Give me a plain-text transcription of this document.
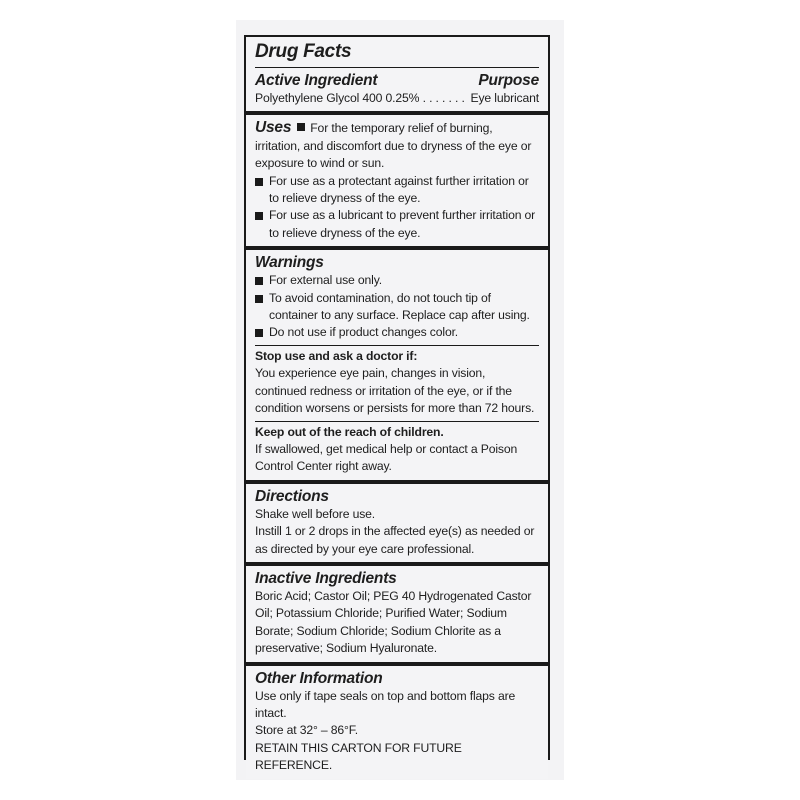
Drug Facts
Active Ingredient	Purpose
Polyethylene Glycol 400 0.25% . . . . . . . Eye lubricant
Uses For the temporary relief of burning, irritation, and discomfort due to dryness of the eye or exposure to wind or sun.
For use as a protectant against further irritation or to relieve dryness of the eye.
For use as a lubricant to prevent further irritation or to relieve dryness of the eye.
Warnings
For external use only.
To avoid contamination, do not touch tip of container to any surface. Replace cap after using.
Do not use if product changes color.
Stop use and ask a doctor if:
You experience eye pain, changes in vision, continued redness or irritation of the eye, or if the condition worsens or persists for more than 72 hours.
Keep out of the reach of children.
If swallowed, get medical help or contact a Poison Control Center right away.
Directions
Shake well before use.
Instill 1 or 2 drops in the affected eye(s) as needed or as directed by your eye care professional.
Inactive Ingredients
Boric Acid; Castor Oil; PEG 40 Hydrogenated Castor Oil; Potassium Chloride; Purified Water; Sodium Borate; Sodium Chloride; Sodium Chlorite as a preservative; Sodium Hyaluronate.
Other Information
Use only if tape seals on top and bottom flaps are intact.
Store at 32° – 86°F.
RETAIN THIS CARTON FOR FUTURE REFERENCE.
